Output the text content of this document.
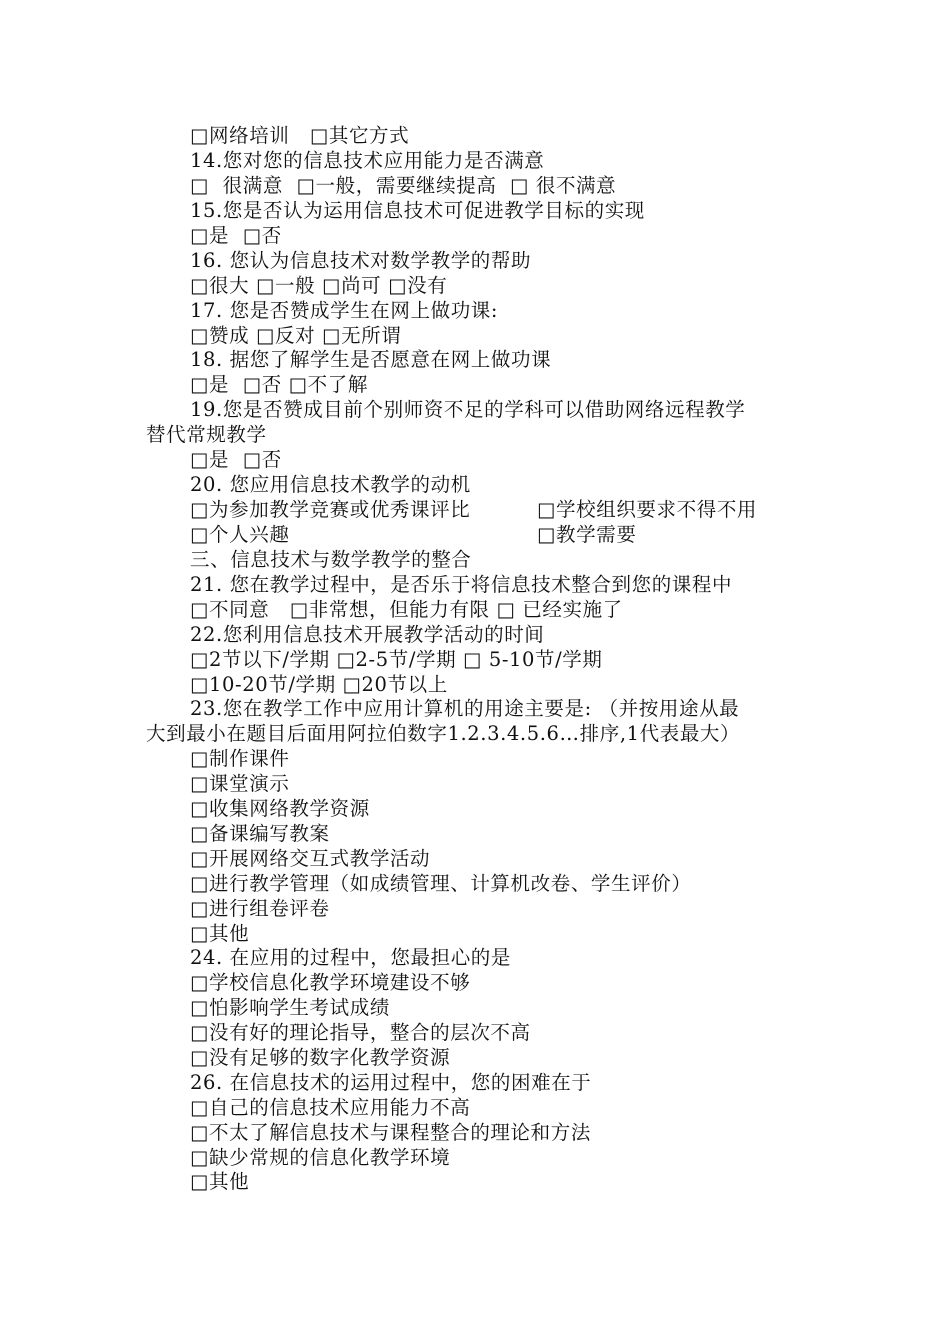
□网络培训   □其它方式
14.您对您的信息技术应用能力是否满意
□  很满意  □一般，需要继续提高  □ 很不满意
15.您是否认为运用信息技术可促进教学目标的实现
□是  □否
16. 您认为信息技术对数学教学的帮助
□很大 □一般 □尚可 □没有
17. 您是否赞成学生在网上做功课:
□赞成 □反对 □无所谓
18. 据您了解学生是否愿意在网上做功课
□是  □否 □不了解
19.您是否赞成目前个别师资不足的学科可以借助网络远程教学
替代常规教学
□是  □否
20. 您应用信息技术教学的动机
□为参加教学竞赛或优秀课评比	□学校组织要求不得不用
□个人兴趣	□教学需要
三、信息技术与数学教学的整合
21. 您在教学过程中，是否乐于将信息技术整合到您的课程中
□不同意   □非常想，但能力有限 □ 已经实施了
22.您利用信息技术开展教学活动的时间
□2节以下/学期 □2-5节/学期 □ 5-10节/学期
□10-20节/学期 □20节以上
23.您在教学工作中应用计算机的用途主要是: （并按用途从最
大到最小在题目后面用阿拉伯数字1.2.3.4.5.6…排序,1代表最大）
□制作课件
□课堂演示
□收集网络教学资源
□备课编写教案
□开展网络交互式教学活动
□进行教学管理（如成绩管理、计算机改卷、学生评价）
□进行组卷评卷
□其他
24. 在应用的过程中，您最担心的是
□学校信息化教学环境建设不够
□怕影响学生考试成绩
□没有好的理论指导，整合的层次不高
□没有足够的数字化教学资源
26. 在信息技术的运用过程中，您的困难在于
□自己的信息技术应用能力不高
□不太了解信息技术与课程整合的理论和方法
□缺少常规的信息化教学环境
□其他
